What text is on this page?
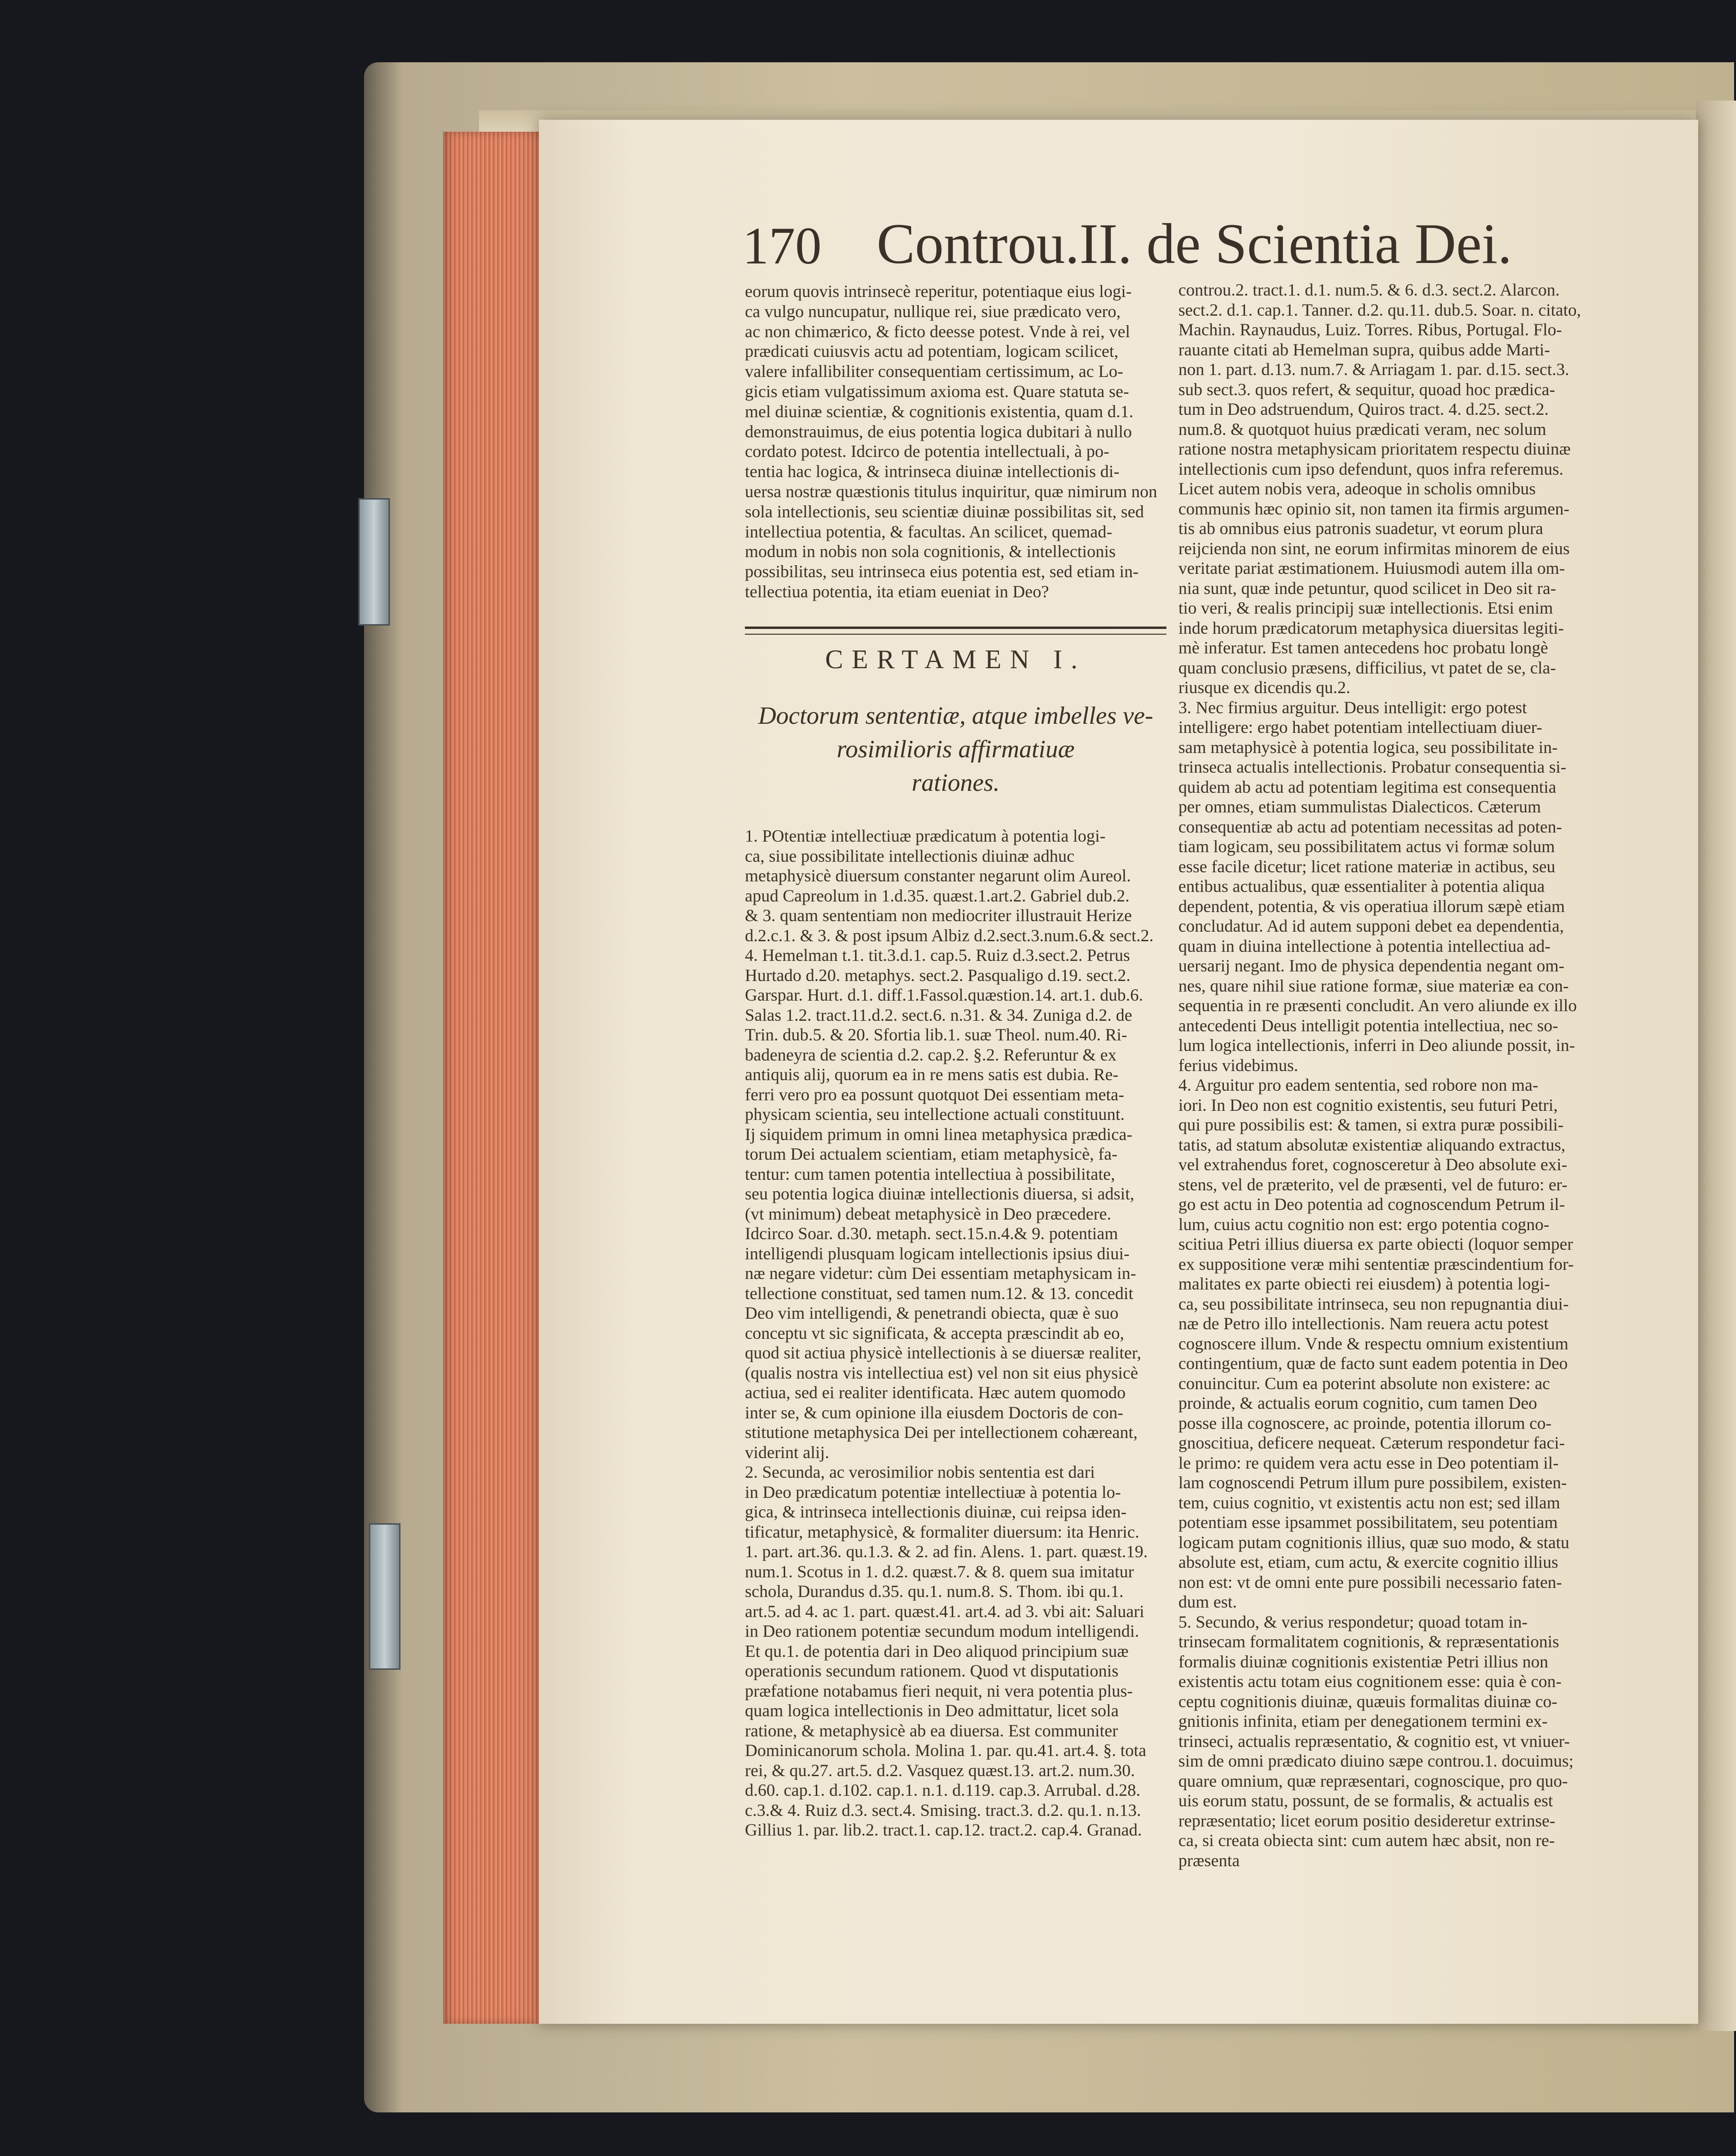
170 Controu.II. de Scientia Dei.
eorum quovis intrinsecè reperitur, potentiaque eius logi-
ca vulgo nuncupatur, nullique rei, siue prædicato vero,
ac non chimærico, & ficto deesse potest. Vnde à rei, vel
prædicati cuiusvis actu ad potentiam, logicam scilicet,
valere infallibiliter consequentiam certissimum, ac Lo-
gicis etiam vulgatissimum axioma est. Quare statuta se-
mel diuinæ scientiæ, & cognitionis existentia, quam d.1.
demonstrauimus, de eius potentia logica dubitari à nullo
cordato potest. Idcirco de potentia intellectuali, à po-
tentia hac logica, & intrinseca diuinæ intellectionis di-
uersa nostræ quæstionis titulus inquiritur, quæ nimirum non
sola intellectionis, seu scientiæ diuinæ possibilitas sit, sed
intellectiua potentia, & facultas. An scilicet, quemad-
modum in nobis non sola cognitionis, & intellectionis
possibilitas, seu intrinseca eius potentia est, sed etiam in-
tellectiua potentia, ita etiam eueniat in Deo?
CERTAMEN I.
Doctorum sententiæ, atque imbelles ve-
rosimilioris affirmatiuæ
rationes.
1. POtentiæ intellectiuæ prædicatum à potentia logi-
ca, siue possibilitate intellectionis diuinæ adhuc
metaphysicè diuersum constanter negarunt olim Aureol.
apud Capreolum in 1.d.35. quæst.1.art.2. Gabriel dub.2.
& 3. quam sententiam non mediocriter illustrauit Herize
d.2.c.1. & 3. & post ipsum Albiz d.2.sect.3.num.6.& sect.2.
4. Hemelman t.1. tit.3.d.1. cap.5. Ruiz d.3.sect.2. Petrus
Hurtado d.20. metaphys. sect.2. Pasqualigo d.19. sect.2.
Garspar. Hurt. d.1. diff.1.Fassol.quæstion.14. art.1. dub.6.
Salas 1.2. tract.11.d.2. sect.6. n.31. & 34. Zuniga d.2. de
Trin. dub.5. & 20. Sfortia lib.1. suæ Theol. num.40. Ri-
badeneyra de scientia d.2. cap.2. §.2. Referuntur & ex
antiquis alij, quorum ea in re mens satis est dubia. Re-
ferri vero pro ea possunt quotquot Dei essentiam meta-
physicam scientia, seu intellectione actuali constituunt.
Ij siquidem primum in omni linea metaphysica prædica-
torum Dei actualem scientiam, etiam metaphysicè, fa-
tentur: cum tamen potentia intellectiua à possibilitate,
seu potentia logica diuinæ intellectionis diuersa, si adsit,
(vt minimum) debeat metaphysicè in Deo præcedere.
Idcirco Soar. d.30. metaph. sect.15.n.4.& 9. potentiam
intelligendi plusquam logicam intellectionis ipsius diui-
næ negare videtur: cùm Dei essentiam metaphysicam in-
tellectione constituat, sed tamen num.12. & 13. concedit
Deo vim intelligendi, & penetrandi obiecta, quæ è suo
conceptu vt sic significata, & accepta præscindit ab eo,
quod sit actiua physicè intellectionis à se diuersæ realiter,
(qualis nostra vis intellectiua est) vel non sit eius physicè
actiua, sed ei realiter identificata. Hæc autem quomodo
inter se, & cum opinione illa eiusdem Doctoris de con-
stitutione metaphysica Dei per intellectionem cohæreant,
viderint alij.
2. Secunda, ac verosimilior nobis sententia est dari
in Deo prædicatum potentiæ intellectiuæ à potentia lo-
gica, & intrinseca intellectionis diuinæ, cui reipsa iden-
tificatur, metaphysicè, & formaliter diuersum: ita Henric.
1. part. art.36. qu.1.3. & 2. ad fin. Alens. 1. part. quæst.19.
num.1. Scotus in 1. d.2. quæst.7. & 8. quem sua imitatur
schola, Durandus d.35. qu.1. num.8. S. Thom. ibi qu.1.
art.5. ad 4. ac 1. part. quæst.41. art.4. ad 3. vbi ait: Saluari
in Deo rationem potentiæ secundum modum intelligendi.
Et qu.1. de potentia dari in Deo aliquod principium suæ
operationis secundum rationem. Quod vt disputationis
præfatione notabamus fieri nequit, ni vera potentia plus-
quam logica intellectionis in Deo admittatur, licet sola
ratione, & metaphysicè ab ea diuersa. Est communiter
Dominicanorum schola. Molina 1. par. qu.41. art.4. §. tota
rei, & qu.27. art.5. d.2. Vasquez quæst.13. art.2. num.30.
d.60. cap.1. d.102. cap.1. n.1. d.119. cap.3. Arrubal. d.28.
c.3.& 4. Ruiz d.3. sect.4. Smising. tract.3. d.2. qu.1. n.13.
Gillius 1. par. lib.2. tract.1. cap.12. tract.2. cap.4. Granad.
controu.2. tract.1. d.1. num.5. & 6. d.3. sect.2. Alarcon.
sect.2. d.1. cap.1. Tanner. d.2. qu.11. dub.5. Soar. n. citato,
Machin. Raynaudus, Luiz. Torres. Ribus, Portugal. Flo-
rauante citati ab Hemelman supra, quibus adde Marti-
non 1. part. d.13. num.7. & Arriagam 1. par. d.15. sect.3.
sub sect.3. quos refert, & sequitur, quoad hoc prædica-
tum in Deo adstruendum, Quiros tract. 4. d.25. sect.2.
num.8. & quotquot huius prædicati veram, nec solum
ratione nostra metaphysicam prioritatem respectu diuinæ
intellectionis cum ipso defendunt, quos infra referemus.
Licet autem nobis vera, adeoque in scholis omnibus
communis hæc opinio sit, non tamen ita firmis argumen-
tis ab omnibus eius patronis suadetur, vt eorum plura
reijcienda non sint, ne eorum infirmitas minorem de eius
veritate pariat æstimationem. Huiusmodi autem illa om-
nia sunt, quæ inde petuntur, quod scilicet in Deo sit ra-
tio veri, & realis principij suæ intellectionis. Etsi enim
inde horum prædicatorum metaphysica diuersitas legiti-
mè inferatur. Est tamen antecedens hoc probatu longè
quam conclusio præsens, difficilius, vt patet de se, cla-
riusque ex dicendis qu.2.
3. Nec firmius arguitur. Deus intelligit: ergo potest
intelligere: ergo habet potentiam intellectiuam diuer-
sam metaphysicè à potentia logica, seu possibilitate in-
trinseca actualis intellectionis. Probatur consequentia si-
quidem ab actu ad potentiam legitima est consequentia
per omnes, etiam summulistas Dialecticos. Cæterum
consequentiæ ab actu ad potentiam necessitas ad poten-
tiam logicam, seu possibilitatem actus vi formæ solum
esse facile dicetur; licet ratione materiæ in actibus, seu
entibus actualibus, quæ essentialiter à potentia aliqua
dependent, potentia, & vis operatiua illorum sæpè etiam
concludatur. Ad id autem supponi debet ea dependentia,
quam in diuina intellectione à potentia intellectiua ad-
uersarij negant. Imo de physica dependentia negant om-
nes, quare nihil siue ratione formæ, siue materiæ ea con-
sequentia in re præsenti concludit. An vero aliunde ex illo
antecedenti Deus intelligit potentia intellectiua, nec so-
lum logica intellectionis, inferri in Deo aliunde possit, in-
ferius videbimus.
4. Arguitur pro eadem sententia, sed robore non ma-
iori. In Deo non est cognitio existentis, seu futuri Petri,
qui pure possibilis est: & tamen, si extra puræ possibili-
tatis, ad statum absolutæ existentiæ aliquando extractus,
vel extrahendus foret, cognosceretur à Deo absolute exi-
stens, vel de præterito, vel de præsenti, vel de futuro: er-
go est actu in Deo potentia ad cognoscendum Petrum il-
lum, cuius actu cognitio non est: ergo potentia cogno-
scitiua Petri illius diuersa ex parte obiecti (loquor semper
ex suppositione veræ mihi sententiæ præscindentium for-
malitates ex parte obiecti rei eiusdem) à potentia logi-
ca, seu possibilitate intrinseca, seu non repugnantia diui-
næ de Petro illo intellectionis. Nam reuera actu potest
cognoscere illum. Vnde & respectu omnium existentium
contingentium, quæ de facto sunt eadem potentia in Deo
conuincitur. Cum ea poterint absolute non existere: ac
proinde, & actualis eorum cognitio, cum tamen Deo
posse illa cognoscere, ac proinde, potentia illorum co-
gnoscitiua, deficere nequeat. Cæterum respondetur faci-
le primo: re quidem vera actu esse in Deo potentiam il-
lam cognoscendi Petrum illum pure possibilem, existen-
tem, cuius cognitio, vt existentis actu non est; sed illam
potentiam esse ipsammet possibilitatem, seu potentiam
logicam putam cognitionis illius, quæ suo modo, & statu
absolute est, etiam, cum actu, & exercite cognitio illius
non est: vt de omni ente pure possibili necessario faten-
dum est.
5. Secundo, & verius respondetur; quoad totam in-
trinsecam formalitatem cognitionis, & repræsentationis
formalis diuinæ cognitionis existentiæ Petri illius non
existentis actu totam eius cognitionem esse: quia è con-
ceptu cognitionis diuinæ, quæuis formalitas diuinæ co-
gnitionis infinita, etiam per denegationem termini ex-
trinseci, actualis repræsentatio, & cognitio est, vt vniuer-
sim de omni prædicato diuino sæpe controu.1. docuimus;
quare omnium, quæ repræsentari, cognoscique, pro quo-
uis eorum statu, possunt, de se formalis, & actualis est
repræsentatio; licet eorum positio desideretur extrinse-
ca, si creata obiecta sint: cum autem hæc absit, non re-
præsenta
